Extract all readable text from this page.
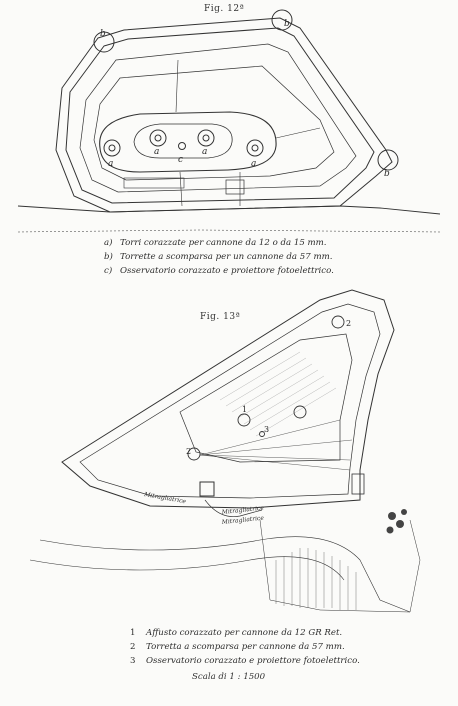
Fig. 12ª
b
b
b
a
a	a
a
c
1
2
2
3
Mitragliatrice
Mitragliatrice
Mitragliatrice
a) Torri corazzate per cannone da 12 o da 15 mm.
b) Torrette a scomparsa per un cannone da 57 mm.
c) Osservatorio corazzato e proiettore fotoelettrico.
Fig. 13ª
1 Affusto corazzato per cannone da 12 GR Ret.
2 Torretta a scomparsa per cannone da 57 mm.
3 Osservatorio corazzato e proiettore fotoelettrico.
Scala di 1 : 1500
